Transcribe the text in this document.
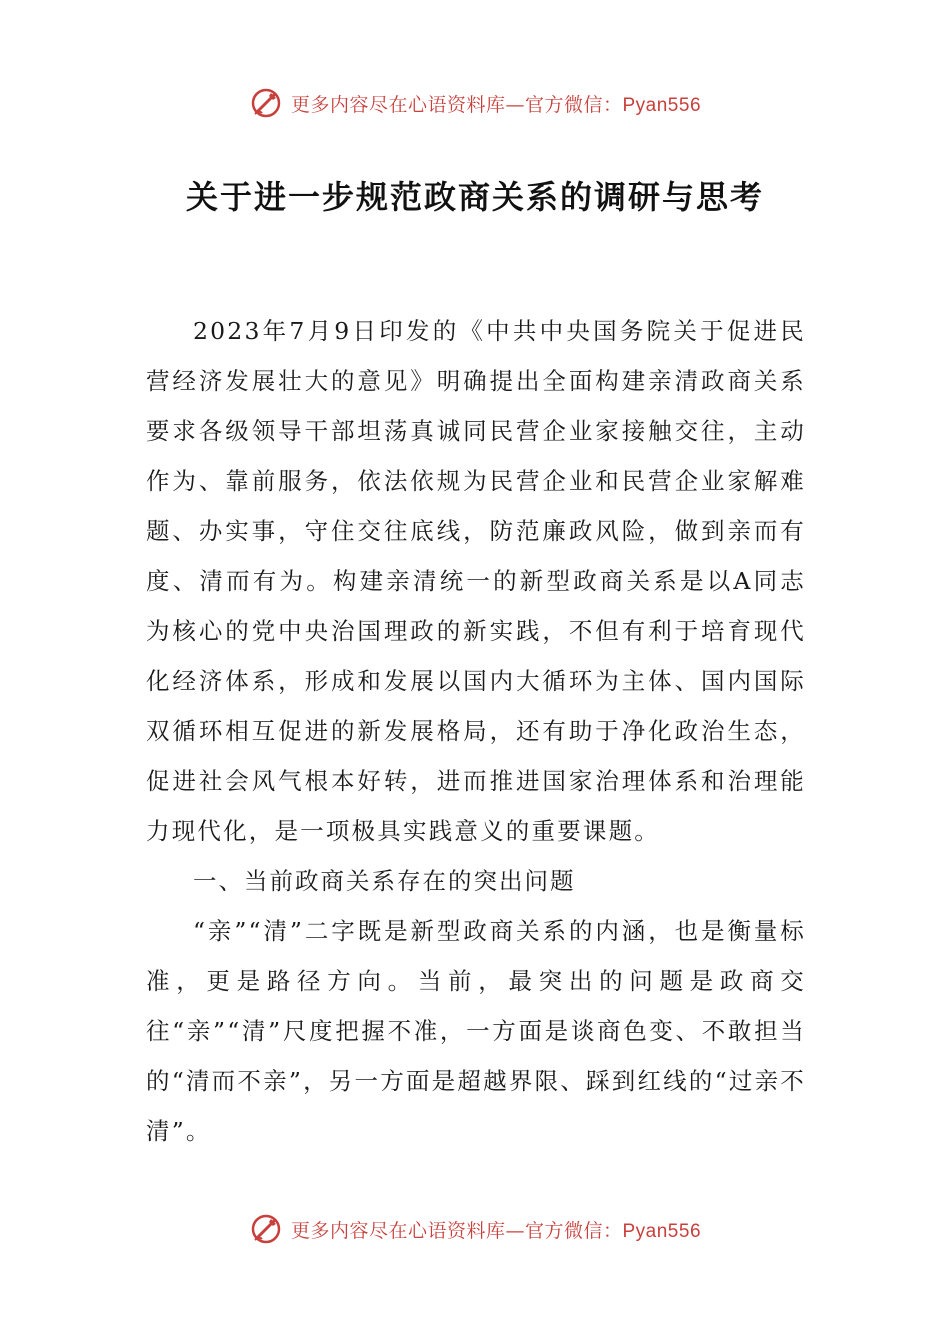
更多内容尽在心语资料库—官方微信：Pyan556
关于进一步规范政商关系的调研与思考

2023年7月9日印发的《中共中央国务院关于促进民营经济发展壮大的意见》明确提出全面构建亲清政商关系要求各级领导干部坦荡真诚同民营企业家接触交往，主动作为、靠前服务，依法依规为民营企业和民营企业家解难题、办实事，守住交往底线，防范廉政风险，做到亲而有度、清而有为。构建亲清统一的新型政商关系是以A同志为核心的党中央治国理政的新实践，不但有利于培育现代化经济体系，形成和发展以国内大循环为主体、国内国际双循环相互促进的新发展格局，还有助于净化政治生态，促进社会风气根本好转，进而推进国家治理体系和治理能力现代化，是一项极具实践意义的重要课题。

一、当前政商关系存在的突出问题

“亲”“清”二字既是新型政商关系的内涵，也是衡量标准，更是路径方向。当前，最突出的问题是政商交往“亲”“清”尺度把握不准，一方面是谈商色变、不敢担当的“清而不亲”，另一方面是超越界限、踩到红线的“过亲不清”。

更多内容尽在心语资料库—官方微信：Pyan556
